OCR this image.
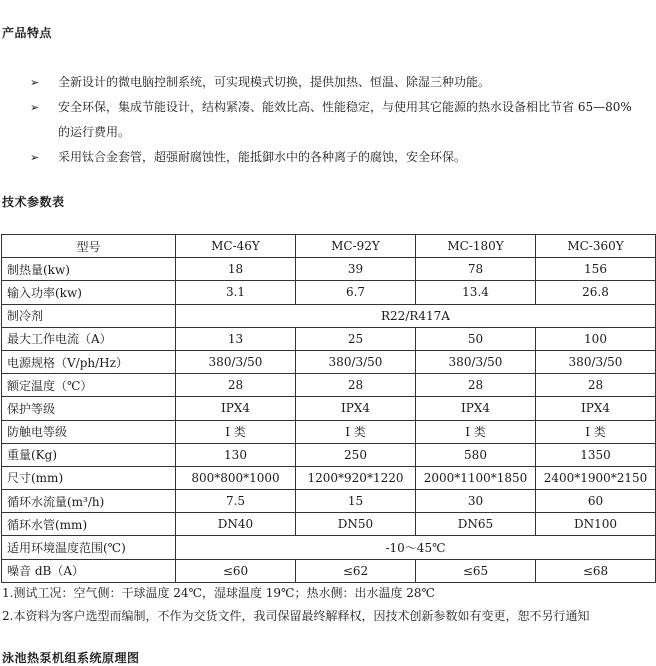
产品特点
➢	全新设计的微电脑控制系统，可实现模式切换，提供加热、恒温、除湿三种功能。
➢	安全环保，集成节能设计，结构紧凑、能效比高、性能稳定，与使用其它能源的热水设备相比节省 65—80%
的运行费用。
➢	采用钛合金套管，超强耐腐蚀性，能抵御水中的各种离子的腐蚀，安全环保。
技术参数表
型号	MC-46Y	MC-92Y	MC-180Y	MC-360Y
制热量(kw)	18	39	78	156
输入功率(kw)	3.1	6.7	13.4	26.8
制冷剂	R22/R417A			
最大工作电流（A）	13	25	50	100
电源规格（V/ph/Hz）	380/3/50	380/3/50	380/3/50	380/3/50
额定温度（℃）	28	28	28	28
保护等级	IPX4	IPX4	IPX4	IPX4
防触电等级	I 类	I 类	I 类	I 类
重量(Kg)	130	250	580	1350
尺寸(mm)	800*800*1000	1200*920*1220	2000*1100*1850	2400*1900*2150
循环水流量(m³/h)	7.5	15	30	60
循环水管(mm)	DN40	DN50	DN65	DN100
适用环境温度范围(℃)	-10～45℃			
噪音 dB（A）	≤60	≤62	≤65	≤68
1.测试工况：空气侧：干球温度 24℃，湿球温度 19℃；热水侧：出水温度 28℃
2.本资料为客户选型而编制，不作为交货文件，我司保留最终解释权，因技术创新参数如有变更，恕不另行通知
泳池热泵机组系统原理图
